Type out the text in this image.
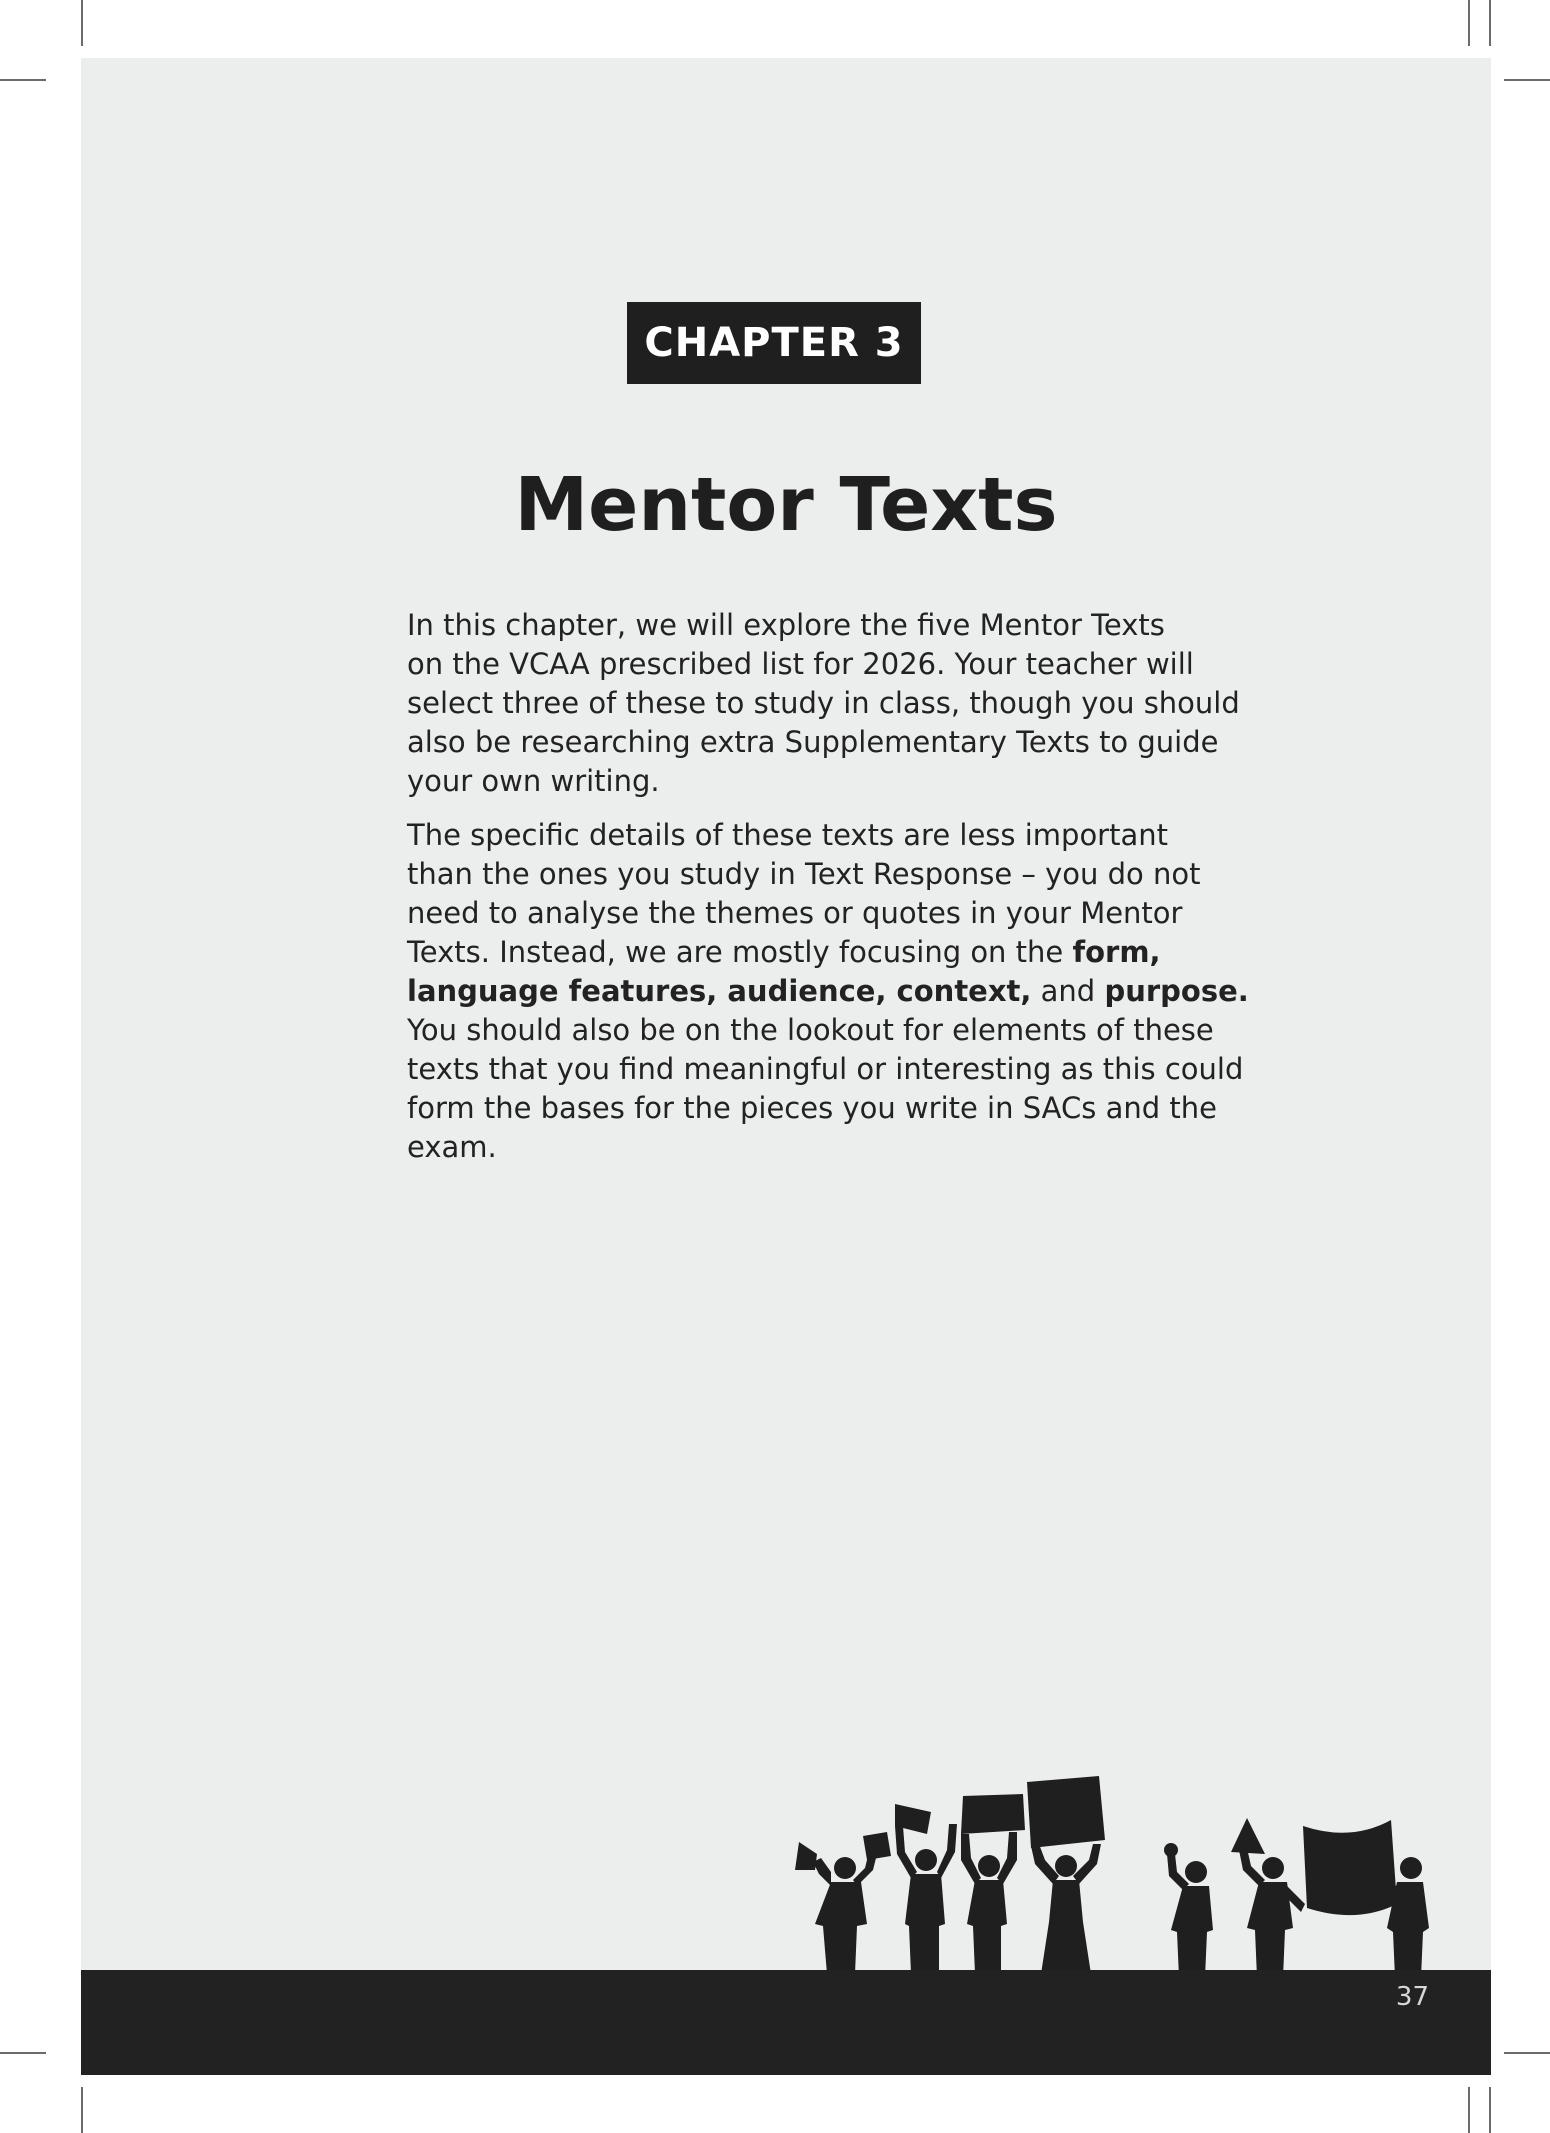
CHAPTER 3
Mentor Texts

In this chapter, we will explore the five Mentor Texts
on the VCAA prescribed list for 2026. Your teacher will
select three of these to study in class, though you should
also be researching extra Supplementary Texts to guide
your own writing.

The specific details of these texts are less important
than the ones you study in Text Response – you do not
need to analyse the themes or quotes in your Mentor
Texts. Instead, we are mostly focusing on the form,
language features, audience, context, and purpose.
You should also be on the lookout for elements of these
texts that you find meaningful or interesting as this could
form the bases for the pieces you write in SACs and the
exam.

37
